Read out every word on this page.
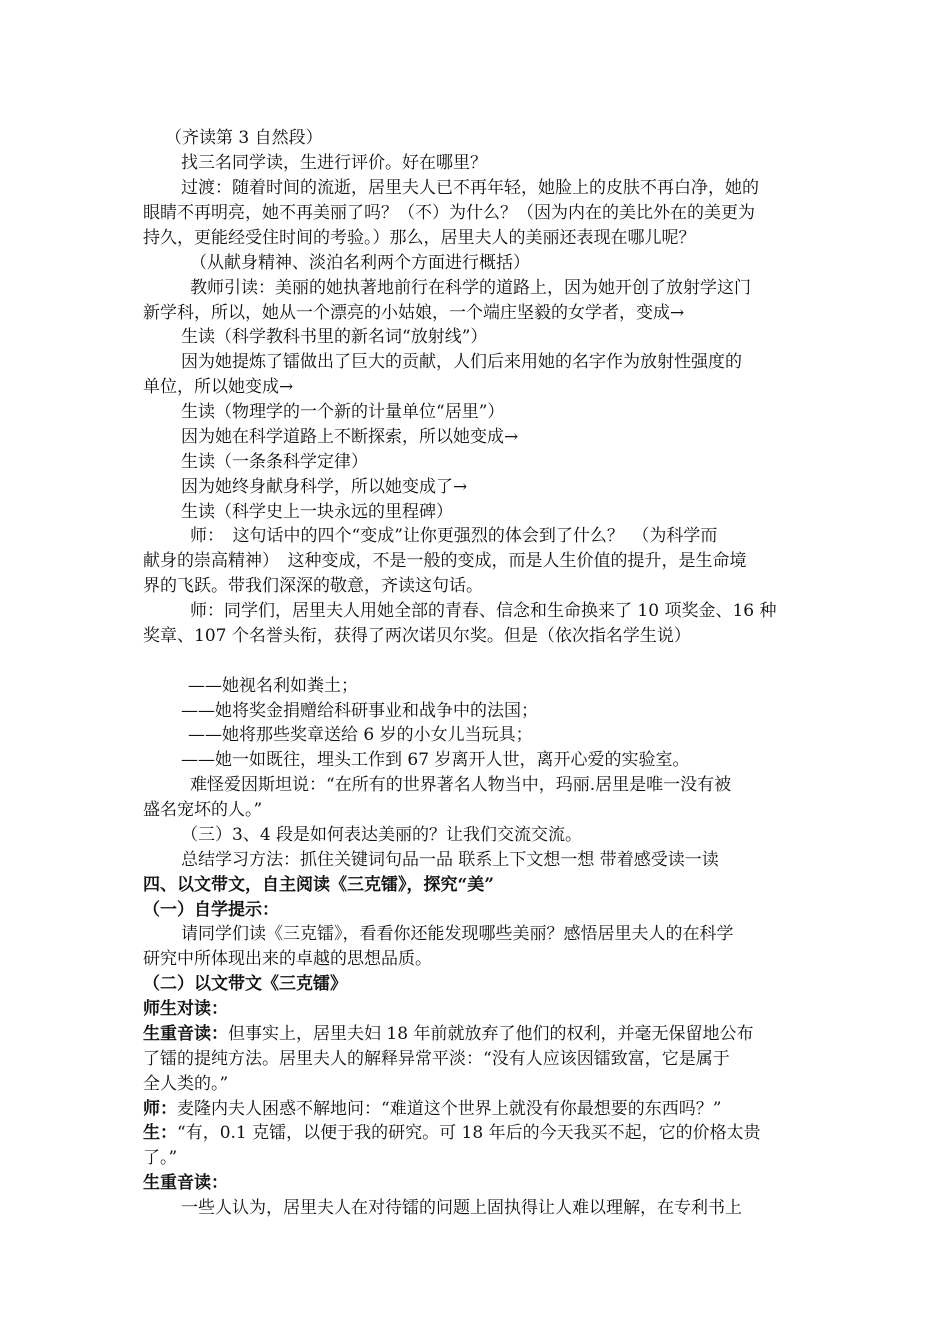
（齐读第 3 自然段）
找三名同学读，生进行评价。好在哪里？
过渡：随着时间的流逝，居里夫人已不再年轻，她脸上的皮肤不再白净，她的
眼睛不再明亮，她不再美丽了吗？（不）为什么？（因为内在的美比外在的美更为
持久，更能经受住时间的考验。）那么，居里夫人的美丽还表现在哪儿呢？
（从献身精神、淡泊名利两个方面进行概括）
教师引读：美丽的她执著地前行在科学的道路上，因为她开创了放射学这门
新学科，所以，她从一个漂亮的小姑娘，一个端庄坚毅的女学者，变成→
生读（科学教科书里的新名词“放射线”）
因为她提炼了镭做出了巨大的贡献，人们后来用她的名字作为放射性强度的
单位，所以她变成→
生读（物理学的一个新的计量单位“居里”）
因为她在科学道路上不断探索，所以她变成→
生读（一条条科学定律）
因为她终身献身科学，所以她变成了→
生读（科学史上一块永远的里程碑）
师：　这句话中的四个“变成”让你更强烈的体会到了什么？　（为科学而
献身的崇高精神）　这种变成，不是一般的变成，而是人生价值的提升，是生命境
界的飞跃。带我们深深的敬意，齐读这句话。
师：同学们，居里夫人用她全部的青春、信念和生命换来了 10 项奖金、16 种
奖章、107 个名誉头衔，获得了两次诺贝尔奖。但是（依次指名学生说）
——她视名利如粪土；
——她将奖金捐赠给科研事业和战争中的法国；
——她将那些奖章送给 6 岁的小女儿当玩具；
——她一如既往，埋头工作到 67 岁离开人世，离开心爱的实验室。
难怪爱因斯坦说：“在所有的世界著名人物当中，玛丽.居里是唯一没有被
盛名宠坏的人。”
（三）3、4 段是如何表达美丽的？让我们交流交流。
总结学习方法：抓住关键词句品一品 联系上下文想一想 带着感受读一读
四、以文带文，自主阅读《三克镭》，探究“美”
（一）自学提示：
请同学们读《三克镭》，看看你还能发现哪些美丽？感悟居里夫人的在科学
研究中所体现出来的卓越的思想品质。
（二）以文带文《三克镭》
师生对读：
生重音读：但事实上，居里夫妇 18 年前就放弃了他们的权利，并毫无保留地公布
了镭的提纯方法。居里夫人的解释异常平淡：“没有人应该因镭致富，它是属于
全人类的。”
师：麦隆内夫人困惑不解地问：“难道这个世界上就没有你最想要的东西吗？”
生：“有，0.1 克镭，以便于我的研究。可 18 年后的今天我买不起，它的价格太贵
了。”
生重音读：
一些人认为，居里夫人在对待镭的问题上固执得让人难以理解，在专利书上
